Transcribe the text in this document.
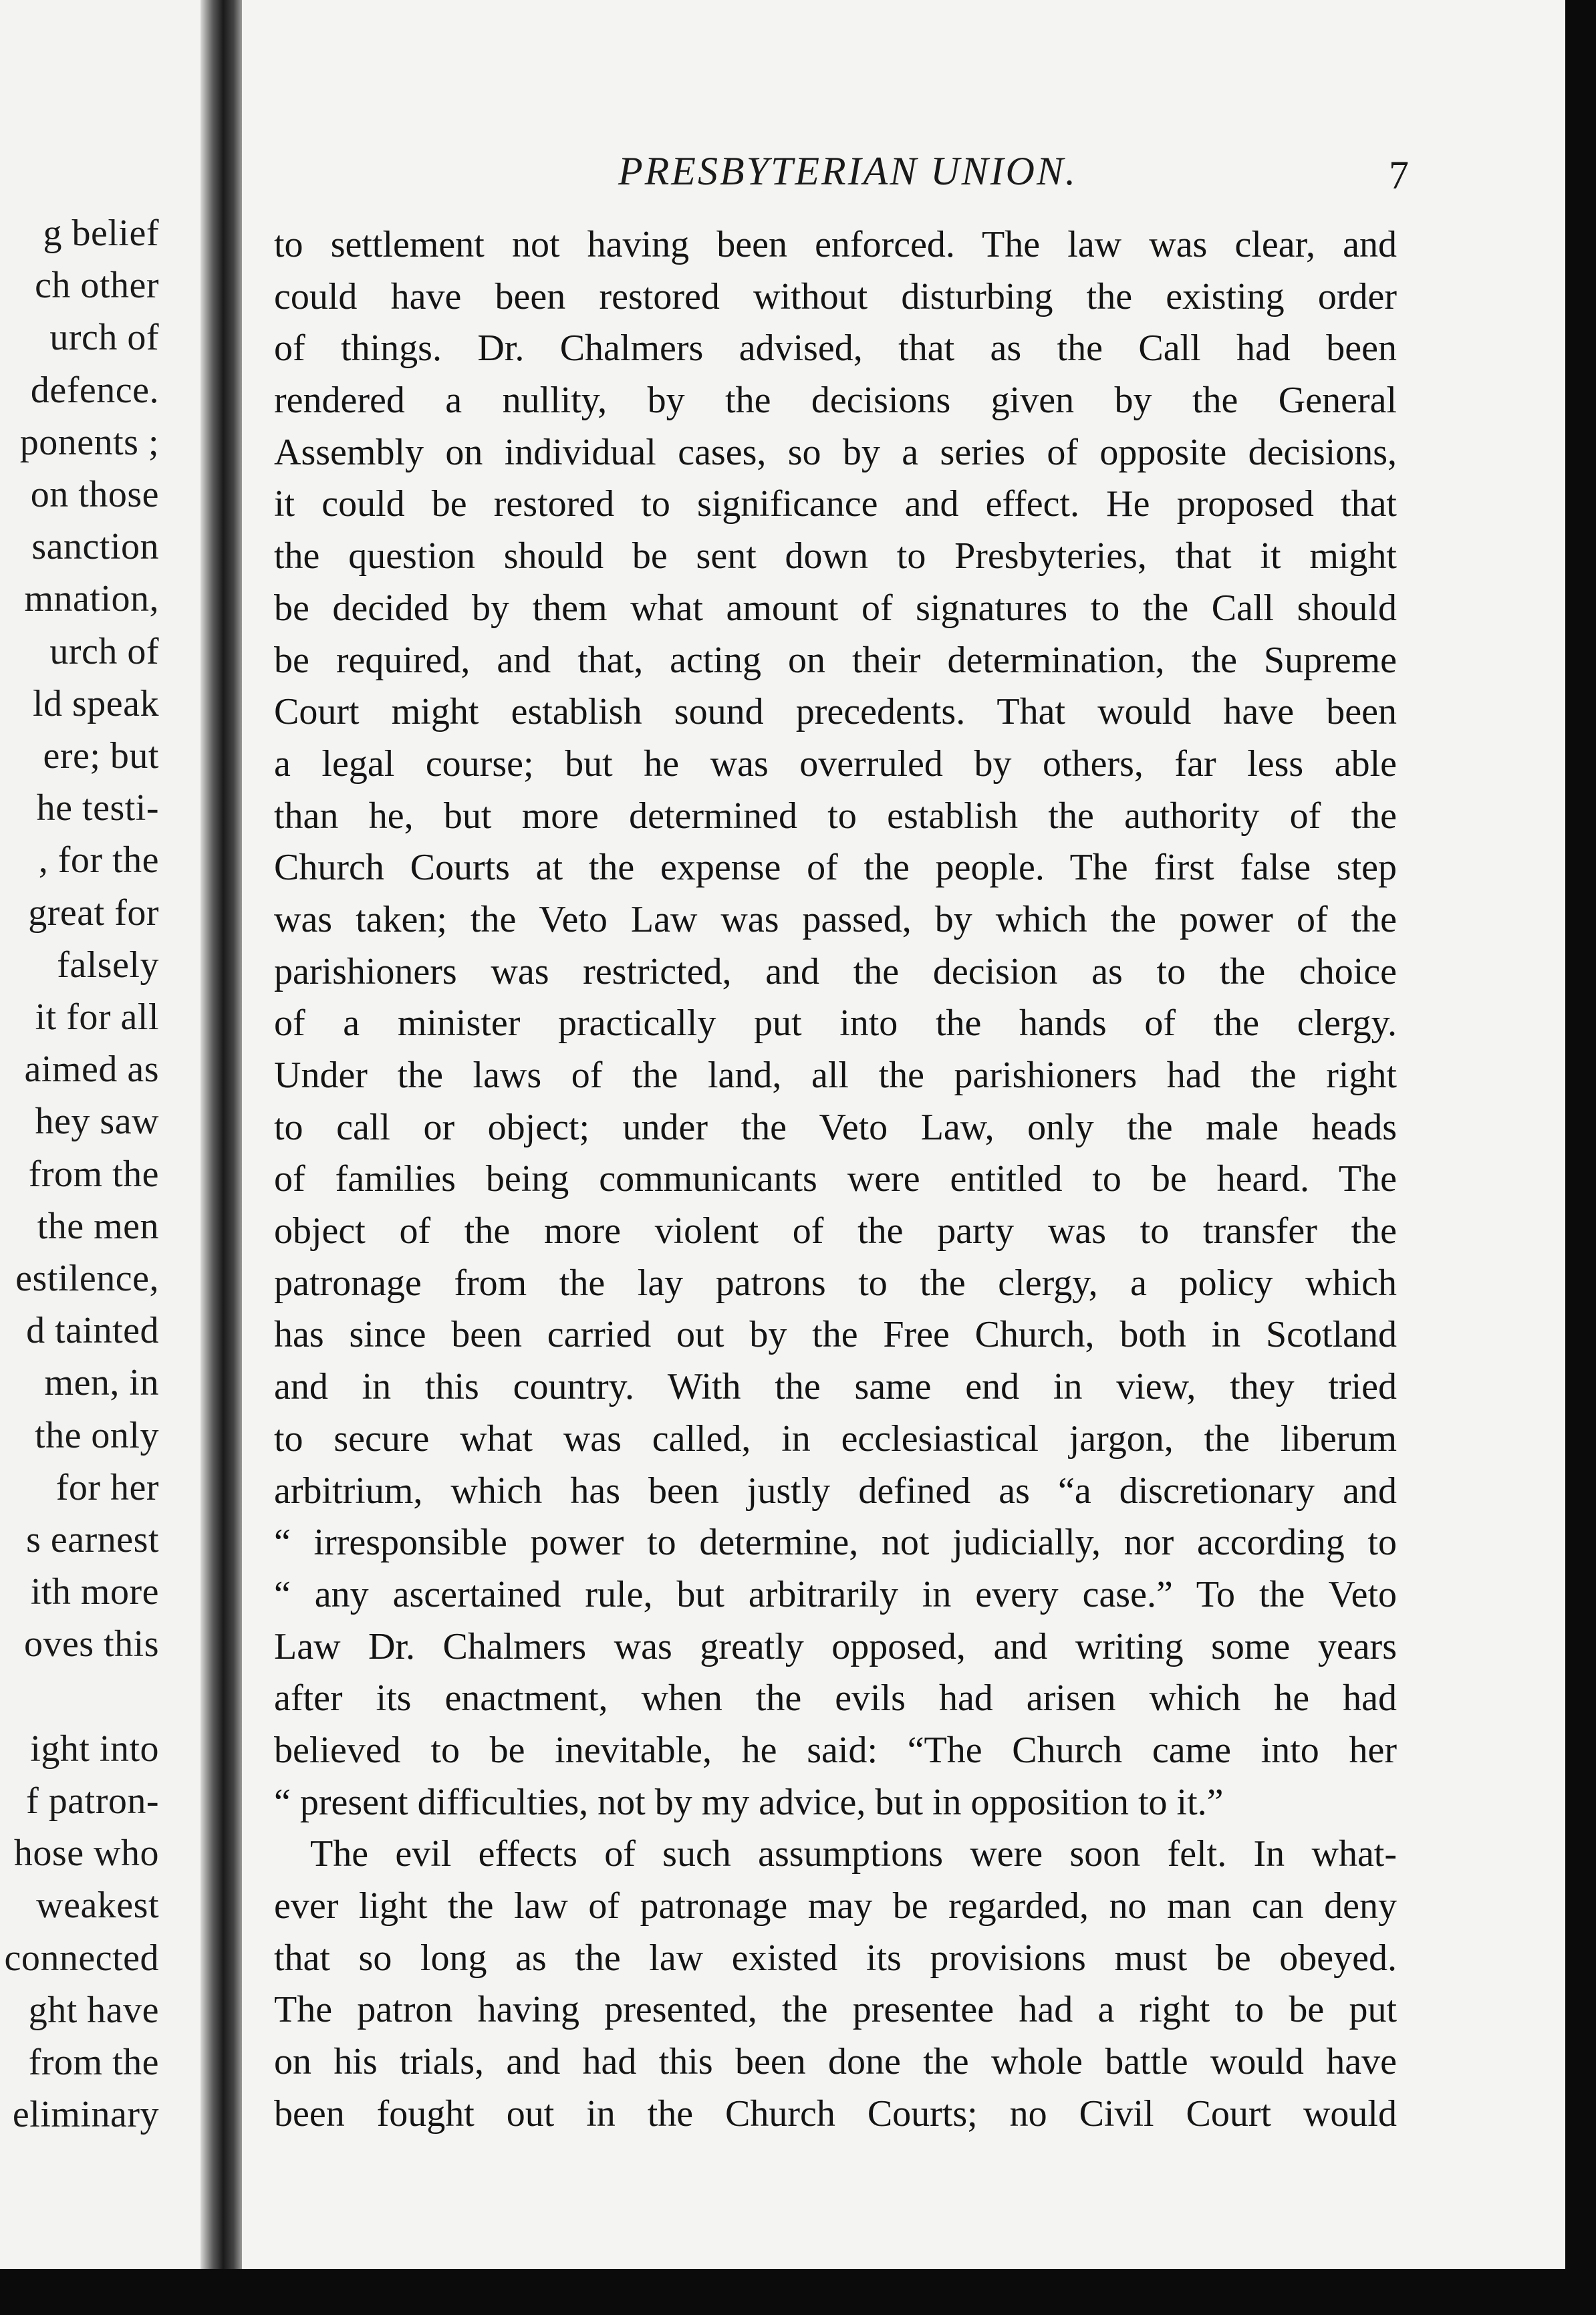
g belief
ch other
urch of
defence.
ponents ;
on those
sanction
mnation,
urch of
ld speak
ere; but
he testi-
, for the
great for
falsely
it for all
aimed as
hey saw
from the
the men
estilence,
d tainted
men, in
the only
for her
s earnest
ith more
oves this
ight into
f patron-
hose who
weakest
connected
ght have
from the
eliminary
PRESBYTERIAN UNION.	7
to settlement not having been enforced. The law was clear, and
could have been restored without disturbing the existing order
of things. Dr. Chalmers advised, that as the Call had been
rendered a nullity, by the decisions given by the General
Assembly on individual cases, so by a series of opposite decisions,
it could be restored to significance and effect. He proposed that
the question should be sent down to Presbyteries, that it might
be decided by them what amount of signatures to the Call should
be required, and that, acting on their determination, the Supreme
Court might establish sound precedents. That would have been
a legal course; but he was overruled by others, far less able
than he, but more determined to establish the authority of the
Church Courts at the expense of the people. The first false step
was taken; the Veto Law was passed, by which the power of the
parishioners was restricted, and the decision as to the choice
of a minister practically put into the hands of the clergy.
Under the laws of the land, all the parishioners had the right
to call or object; under the Veto Law, only the male heads
of families being communicants were entitled to be heard. The
object of the more violent of the party was to transfer the
patronage from the lay patrons to the clergy, a policy which
has since been carried out by the Free Church, both in Scotland
and in this country. With the same end in view, they tried
to secure what was called, in ecclesiastical jargon, the liberum
arbitrium, which has been justly defined as “a discretionary and
“ irresponsible power to determine, not judicially, nor according to
“ any ascertained rule, but arbitrarily in every case.” To the Veto
Law Dr. Chalmers was greatly opposed, and writing some years
after its enactment, when the evils had arisen which he had
believed to be inevitable, he said: “The Church came into her
“ present difficulties, not by my advice, but in opposition to it.”
The evil effects of such assumptions were soon felt. In what-
ever light the law of patronage may be regarded, no man can deny
that so long as the law existed its provisions must be obeyed.
The patron having presented, the presentee had a right to be put
on his trials, and had this been done the whole battle would have
been fought out in the Church Courts; no Civil Court would
